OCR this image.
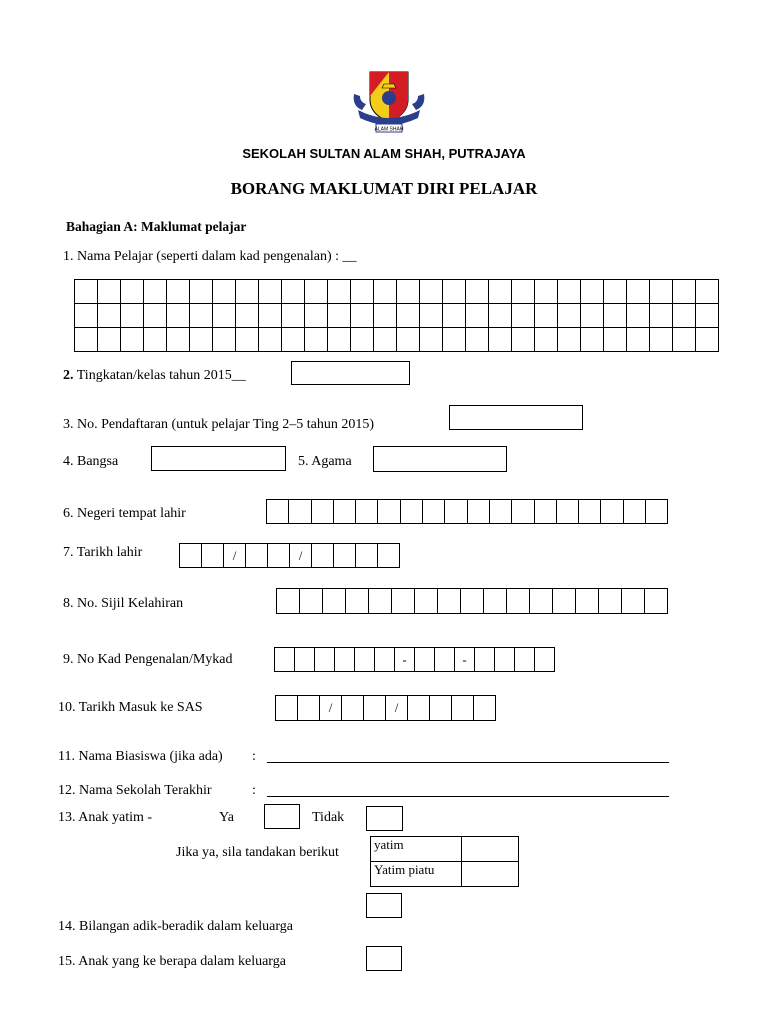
ALAM SHAH
SEKOLAH SULTAN ALAM SHAH, PUTRAJAYA
BORANG MAKLUMAT DIRI PELAJAR
Bahagian A: Maklumat pelajar
1. Nama Pelajar (seperti dalam kad pengenalan) : __

2. Tingkatan/kelas tahun 2015__
3. No. Pendaftaran (untuk pelajar Ting 2–5 tahun 2015)
4. Bangsa	5. Agama
6. Negeri tempat lahir
7. Tarikh lahir	/	/
8. No. Sijil Kelahiran
9. No Kad Pengenalan/Mykad	-	-
10. Tarikh Masuk ke SAS	/	/
11. Nama Biasiswa (jika ada) :
12. Nama Sekolah Terakhir	:
13. Anak yatim -	Ya	Tidak
Jika ya, sila tandakan berikut
yatim	
Yatim piatu	
14. Bilangan adik-beradik dalam keluarga
15. Anak yang ke berapa dalam keluarga
